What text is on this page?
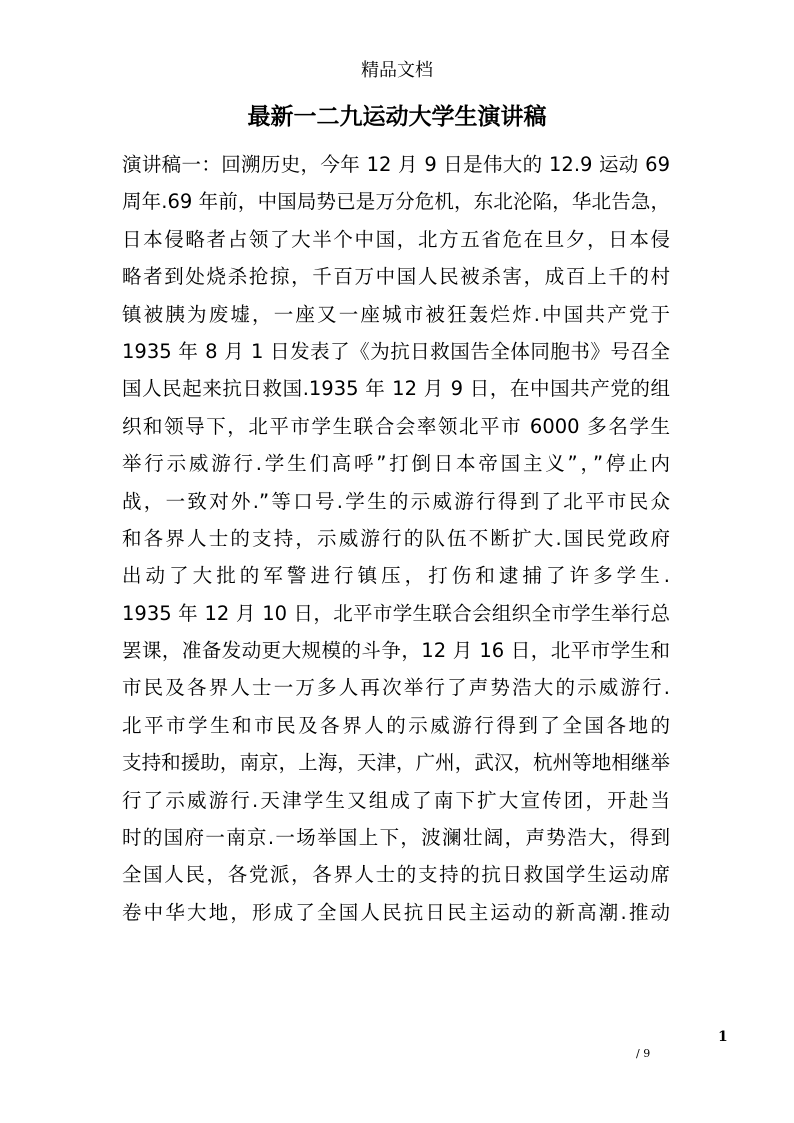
精品文档
最新一二九运动大学生演讲稿
演讲稿一：回溯历史，今年 12 月 9 日是伟大的 12.9 运动 69
周年.69 年前，中国局势已是万分危机，东北沦陷，华北告急，
日本侵略者占领了大半个中国，北方五省危在旦夕，日本侵
略者到处烧杀抢掠，千百万中国人民被杀害，成百上千的村
镇被胰为废墟，一座又一座城市被狂轰烂炸.中国共产党于
1935 年 8 月 1 日发表了《为抗日救国告全体同胞书》号召全
国人民起来抗日救国.1935 年 12 月 9 日，在中国共产党的组
织和领导下，北平市学生联合会率领北平市 6000 多名学生
举行示威游行.学生们高呼”打倒日本帝国主义”，”停止内
战，一致对外.”等口号.学生的示威游行得到了北平市民众
和各界人士的支持，示威游行的队伍不断扩大.国民党政府
出动了大批的军警进行镇压，打伤和逮捕了许多学生.
1935 年 12 月 10 日，北平市学生联合会组织全市学生举行总
罢课，准备发动更大规模的斗争，12 月 16 日，北平市学生和
市民及各界人士一万多人再次举行了声势浩大的示威游行.
北平市学生和市民及各界人的示威游行得到了全国各地的
支持和援助，南京，上海，天津，广州，武汉，杭州等地相继举
行了示威游行.天津学生又组成了南下扩大宣传团，开赴当
时的国府一南京.一场举国上下，波澜壮阔，声势浩大，得到
全国人民，各党派，各界人士的支持的抗日救国学生运动席
卷中华大地，形成了全国人民抗日民主运动的新高潮.推动
1
/ 9
